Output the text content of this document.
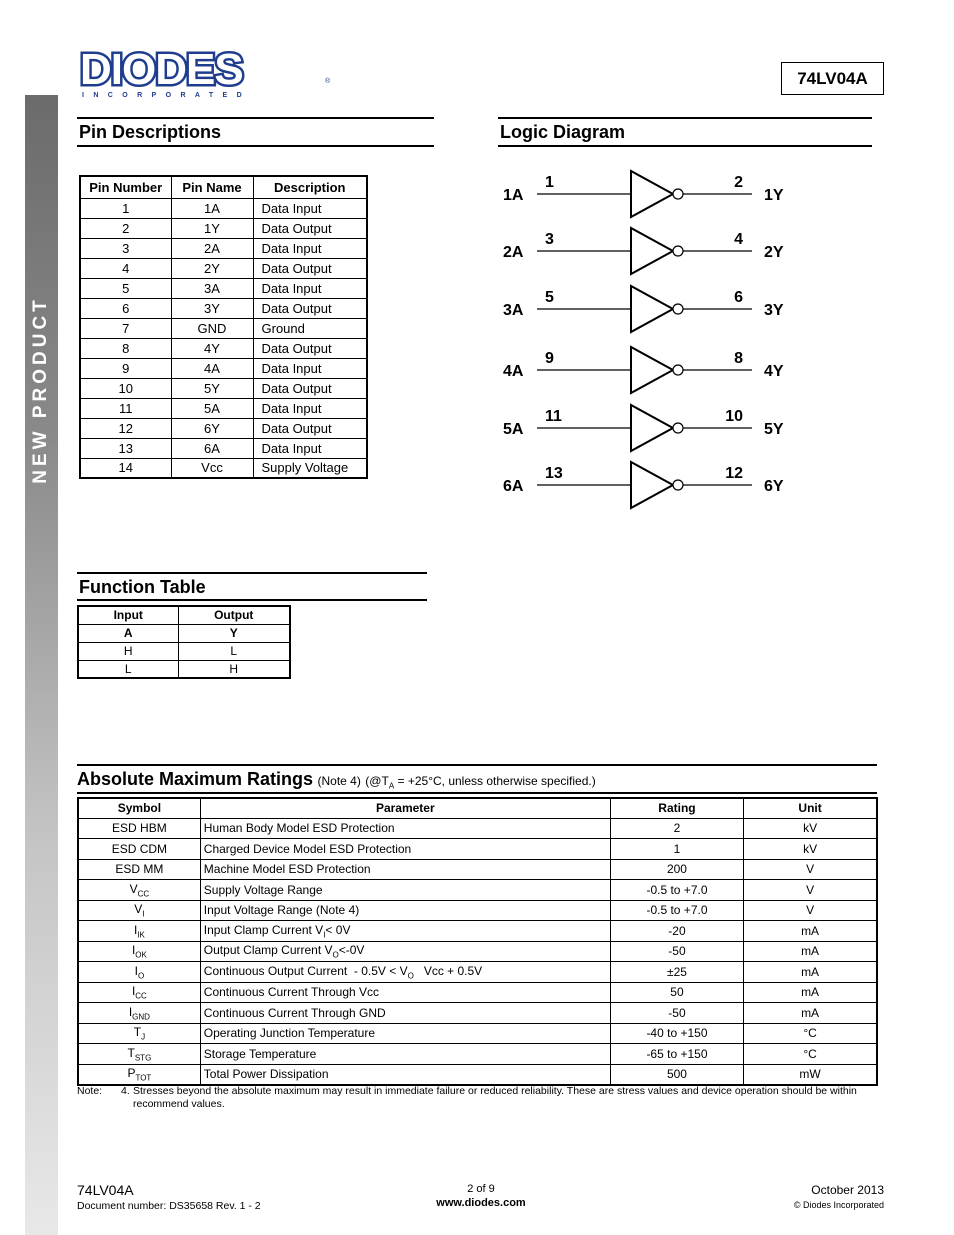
NEW PRODUCT
DIODES
INCORPORATED
®	74LV04A
Pin Descriptions
Pin Number	Pin Name	Description
1	1A	Data Input
2	1Y	Data Output
3	2A	Data Input
4	2Y	Data Output
5	3A	Data Input
6	3Y	Data Output
7	GND	Ground
8	4Y	Data Output
9	4A	Data Input
10	5Y	Data Output
11	5A	Data Input
12	6Y	Data Output
13	6A	Data Input
14	Vcc	Supply Voltage
Logic Diagram
1A
1	2
1Y
2A
3	4
2Y
3A
5	6
3Y
4A
9	8
4Y
5A
11	10
5Y
6A
13	12
6Y
Function Table
Input	Output
A	Y
H	L
L	H
Absolute Maximum Ratings (Note 4) ($@T_A = +25^\circ C$, unless otherwise specified.)
Symbol	Parameter	Rating	Unit
ESD HBM	Human Body Model ESD Protection	2	kV
ESD CDM	Charged Device Model ESD Protection	1	kV
ESD MM	Machine Model ESD Protection	200	V
$V_{CC}$	Supply Voltage Range	-0.5 to +7.0	V
$V_I$	Input Voltage Range (Note 4)	-0.5 to +7.0	V
$I_{IK}$	Input Clamp Current $V_I< 0V$	-20	mA
$I_{OK}$	Output Clamp Current $V_O<-0V$	-50	mA
$I_O$	Continuous Output Current  - $0.5V < V_O$   Vcc + 0.5V	±25	mA
$I_{CC}$	Continuous Current Through Vcc	50	mA
$I_{GND}$	Continuous Current Through GND	-50	mA
$T_J$	Operating Junction Temperature	-40 to +150	°C
$T_{STG}$	Storage Temperature	-65 to +150	°C
$P_{TOT}$	Total Power Dissipation	500	mW
Note: 4. Stresses beyond the absolute maximum may result in immediate failure or reduced reliability. These are stress values and device operation should be within recommend values.
74LV04A
Document number: DS35658 Rev. 1 - 2
2 of 9
www.diodes.com
October 2013
© Diodes Incorporated
